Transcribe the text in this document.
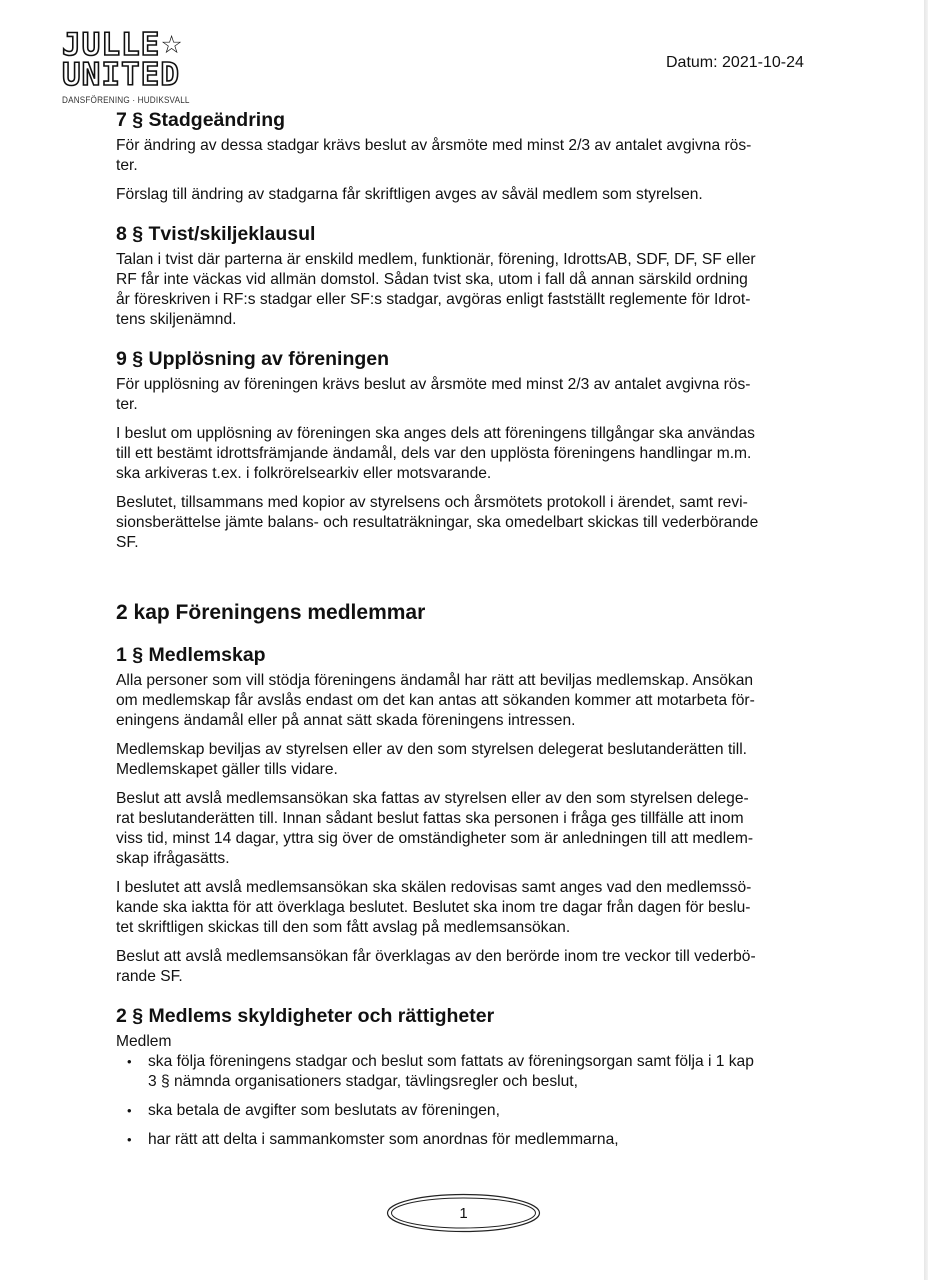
JULLE☆
UNITED
DANSFÖRENING · HUDIKSVALL
Datum: 2021-10-24
7 § Stadgeändring

För ändring av dessa stadgar krävs beslut av årsmöte med minst 2/3 av antalet avgivna rös-
ter.

Förslag till ändring av stadgarna får skriftligen avges av såväl medlem som styrelsen.

8 § Tvist/skiljeklausul

Talan i tvist där parterna är enskild medlem, funktionär, förening, IdrottsAB, SDF, DF, SF eller
RF får inte väckas vid allmän domstol. Sådan tvist ska, utom i fall då annan särskild ordning
år föreskriven i RF:s stadgar eller SF:s stadgar, avgöras enligt fastställt reglemente för Idrot-
tens skiljenämnd.

9 § Upplösning av föreningen

För upplösning av föreningen krävs beslut av årsmöte med minst 2/3 av antalet avgivna rös-
ter.

I beslut om upplösning av föreningen ska anges dels att föreningens tillgångar ska användas
till ett bestämt idrottsfrämjande ändamål, dels var den upplösta föreningens handlingar m.m.
ska arkiveras t.ex. i folkrörelsearkiv eller motsvarande.

Beslutet, tillsammans med kopior av styrelsens och årsmötets protokoll i ärendet, samt revi-
sionsberättelse jämte balans- och resultaträkningar, ska omedelbart skickas till vederbörande
SF.

2 kap Föreningens medlemmar
1 § Medlemskap

Alla personer som vill stödja föreningens ändamål har rätt att beviljas medlemskap. Ansökan
om medlemskap får avslås endast om det kan antas att sökanden kommer att motarbeta för-
eningens ändamål eller på annat sätt skada föreningens intressen.

Medlemskap beviljas av styrelsen eller av den som styrelsen delegerat beslutanderätten till.
Medlemskapet gäller tills vidare.

Beslut att avslå medlemsansökan ska fattas av styrelsen eller av den som styrelsen delege-
rat beslutanderätten till. Innan sådant beslut fattas ska personen i fråga ges tillfälle att inom
viss tid, minst 14 dagar, yttra sig över de omständigheter som är anledningen till att medlem-
skap ifrågasätts.

I beslutet att avslå medlemsansökan ska skälen redovisas samt anges vad den medlemssö-
kande ska iaktta för att överklaga beslutet. Beslutet ska inom tre dagar från dagen för beslu-
tet skriftligen skickas till den som fått avslag på medlemsansökan.

Beslut att avslå medlemsansökan får överklagas av den berörde inom tre veckor till vederbö-
rande SF.

2 § Medlems skyldigheter och rättigheter
Medlem
• ska följa föreningens stadgar och beslut som fattats av föreningsorgan samt följa i 1 kap
3 § nämnda organisationers stadgar, tävlingsregler och beslut,
• ska betala de avgifter som beslutats av föreningen,
• har rätt att delta i sammankomster som anordnas för medlemmarna,
1
